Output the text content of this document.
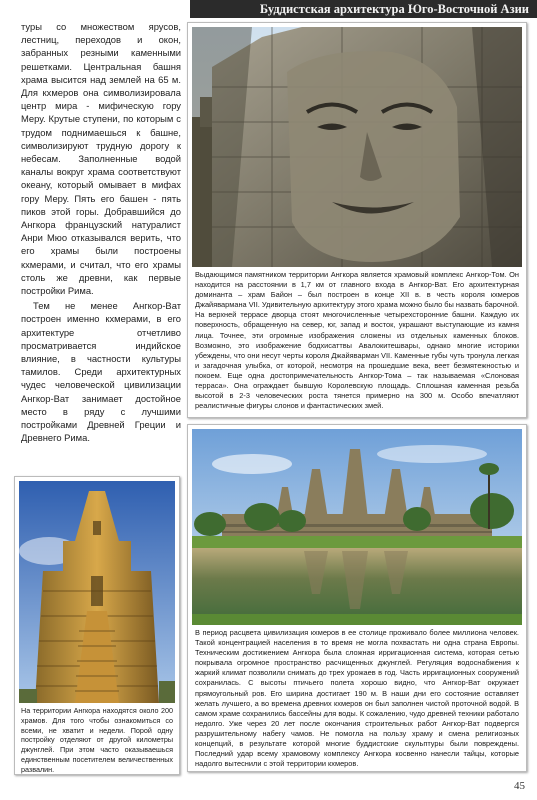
Буддистская архитектура Юго-Восточной Азии

туры со множеством ярусов, лестниц, переходов и окон, забранных резными каменными решетками. Центральная башня храма высится над землей на 65 м. Для кхмеров она символизировала центр мира - мифическую гору Меру. Крутые ступени, по которым с трудом поднимаешься к башне, символизируют трудную дорогу к небесам. Заполненные водой каналы вокруг храма соответствуют океану, который омывает в мифах гору Меру. Пять его башен - пять пиков этой горы. Добравшийся до Ангкора французский натуралист Анри Мюо отказывался верить, что его храмы были построены кхмерами, и считал, что его храмы столь же древни, как первые постройки Рима.

Тем не менее Ангкор-Ват построен именно кхмерами, в его архитектуре отчетливо просматривается индийское влияние, в частности культуры тамилов. Среди архитектурных чудес человеческой цивилизации Ангкор-Ват занимает достойное место в ряду с лучшими постройками Древней Греции и Древнего Рима.

Выдающимся памятником территории Ангкора является храмовый комплекс Ангкор-Том. Он находится на расстоянии в 1,7 км от главного входа в Ангкор-Ват. Его архитектурная доминанта – храм Байон – был построен в конце XII в. в честь короля кхмеров Джайявармана VII. Удивительную архитектуру этого храма можно было бы назвать барочной. На верхней террасе дворца стоят многочисленные четырехсторонние башни. Каждую их поверхность, обращенную на север, юг, запад и восток, украшают выступающие из камня лица. Точнее, эти огромные изображения сложены из отдельных каменных блоков. Возможно, это изображение бодхисаттвы Авалокитешвары, однако многие историки убеждены, что они несут черты короля Джайяварман VII. Каменные губы чуть тронула легкая и загадочная улыбка, от которой, несмотря на прошедшие века, веет безмятежностью и покоем. Еще одна достопримечательность Ангкор-Тома – так называемая «Слоновая терраса». Она ограждает бывшую Королевскую площадь. Сплошная каменная резьба высотой в 2-3 человеческих роста тянется примерно на 300 м. Особо впечатляют реалистичные фигуры слонов и фантастических змей.
В период расцвета цивилизация кхмеров в ее столице проживало более миллиона человек. Такой концентрацией населения в то время не могла похвастать ни одна страна Европы. Техническим достижением Ангкора была сложная ирригационная система, которая сетью покрывала огромное пространство расчищенных джунглей. Регуляция водоснабжения к жаркий климат позволили снимать до трех урожаев в год. Часть ирригационных сооружений сохранилась. С высоты птичьего полета хорошо видно, что Ангкор-Ват окружает прямоугольный ров. Его ширина достигает 190 м. В наши дни его состояние оставляет желать лучшего, а во времена древних кхмеров он был заполнен чистой проточной водой. В самом храме сохранились бассейны для воды. К сожалению, чудо древней техники работало недолго. Уже через 20 лет после окончания строительных работ Ангкор-Ват подвергся разрушительному набегу чамов. Не помогла на пользу храму и смена религиозных концепций, в результате которой многие буддистские скульптуры были повреждены. Последний удар всему храмовому комплексу Ангкора косвенно нанесли тайцы, которые надолго вытеснили с этой территории кхмеров.
На территории Ангкора находятся около 200 храмов. Для того чтобы ознакомиться со всеми, не хватит и недели. Порой одну постройку отделяют от другой километры джунглей. При этом часто оказываешься единственным посетителем величественных развалин.
45
